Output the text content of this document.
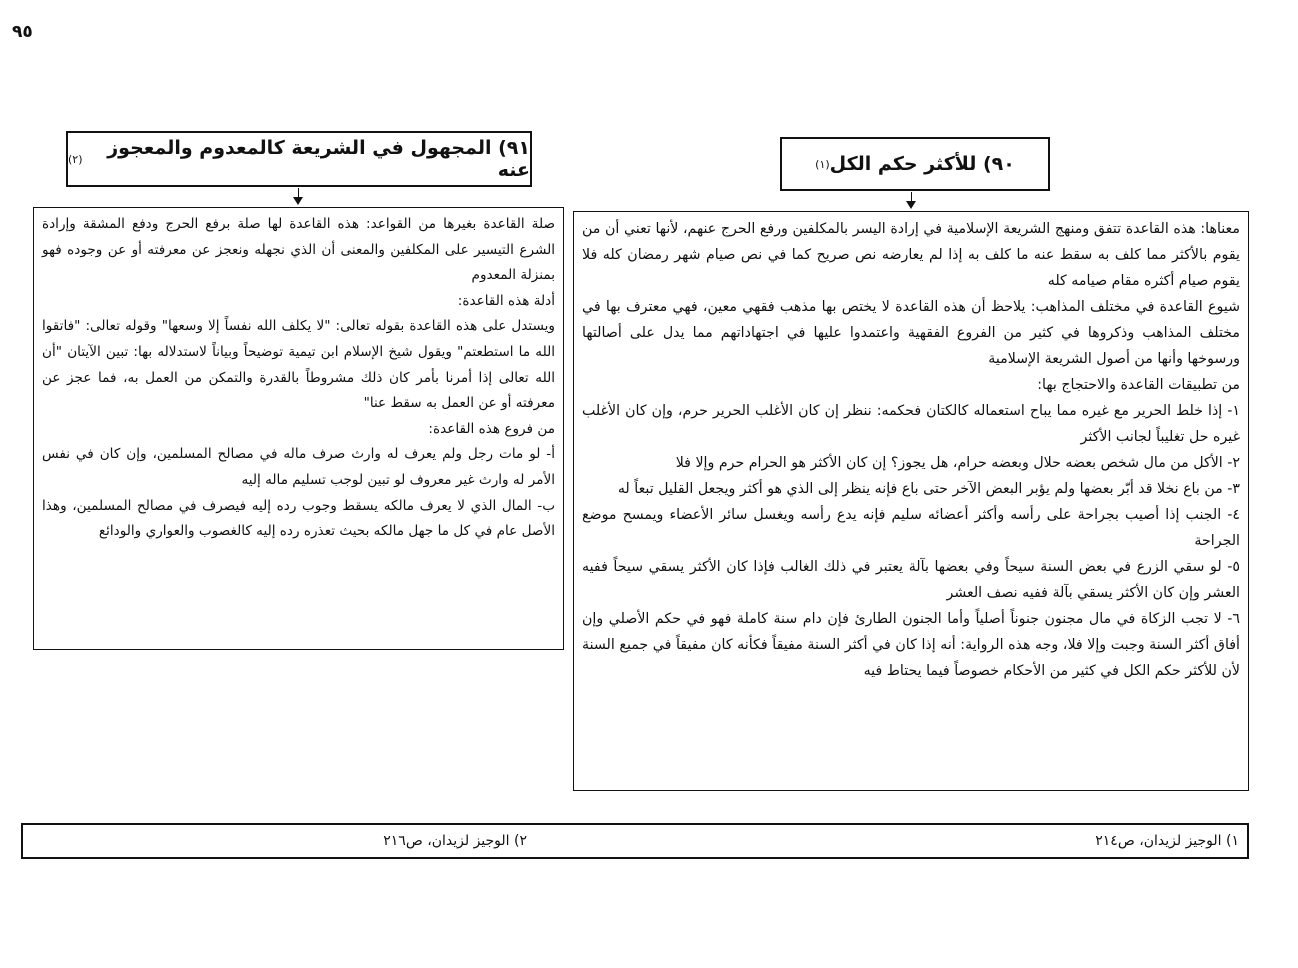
٩٥
٩١) المجهول في الشريعة كالمعدوم والمعجوز عنه
(٢)	٩٠) للأكثر حكم الكل
(١)

صلة القاعدة بغيرها من القواعد: هذه القاعدة لها صلة برفع الحرج ودفع المشقة وإرادة الشرع التيسير على المكلفين والمعنى أن الذي نجهله ونعجز عن معرفته أو عن وجوده فهو بمنزلة المعدوم

أدلة هذه القاعدة:

ويستدل على هذه القاعدة بقوله تعالى: "لا يكلف الله نفساً إلا وسعها" وقوله تعالى: "فاتقوا الله ما استطعتم" ويقول شيخ الإسلام ابن تيمية توضيحاً وبياناً لاستدلاله بها: تبين الآيتان "أن الله تعالى إذا أمرنا بأمر كان ذلك مشروطاً بالقدرة والتمكن من العمل به، فما عجز عن معرفته أو عن العمل به سقط عنا"

من فروع هذه القاعدة:

أ- لو مات رجل ولم يعرف له وارث صرف ماله في مصالح المسلمين، وإن كان في نفس الأمر له وارث غير معروف لو تبين لوجب تسليم ماله إليه

ب- المال الذي لا يعرف مالكه يسقط وجوب رده إليه فيصرف في مصالح المسلمين، وهذا الأصل عام في كل ما جهل مالكه بحيث تعذره رده إليه كالغصوب والعواري والودائع

معناها: هذه القاعدة تتفق ومنهج الشريعة الإسلامية في إرادة اليسر بالمكلفين ورفع الحرج عنهم، لأنها تعني أن من يقوم بالأكثر مما كلف به سقط عنه ما كلف به إذا لم يعارضه نص صريح كما في نص صيام شهر رمضان كله فلا يقوم صيام أكثره مقام صيامه كله

شيوع القاعدة في مختلف المذاهب: يلاحظ أن هذه القاعدة لا يختص بها مذهب فقهي معين، فهي معترف بها في مختلف المذاهب وذكروها في كثير من الفروع الفقهية واعتمدوا عليها في اجتهاداتهم مما يدل على أصالتها ورسوخها وأنها من أصول الشريعة الإسلامية

من تطبيقات القاعدة والاحتجاج بها:

١- إذا خلط الحرير مع غيره مما يباح استعماله كالكتان فحكمه: ننظر إن كان الأغلب الحرير حرم، وإن كان الأغلب غيره حل تغليباً لجانب الأكثر

٢- الأكل من مال شخص بعضه حلال وبعضه حرام، هل يجوز؟ إن كان الأكثر هو الحرام حرم وإلا فلا

٣- من باع نخلا قد أبّر بعضها ولم يؤبر البعض الآخر حتى باع فإنه ينظر إلى الذي هو أكثر ويجعل القليل تبعاً له

٤- الجنب إذا أصيب بجراحة على رأسه وأكثر أعضائه سليم فإنه يدع رأسه ويغسل سائر الأعضاء ويمسح موضع الجراحة

٥- لو سقي الزرع في بعض السنة سيحاً وفي بعضها بآلة يعتبر في ذلك الغالب فإذا كان الأكثر يسقي سيحاً ففيه العشر وإن كان الأكثر يسقي بآلة ففيه نصف العشر

٦- لا تجب الزكاة في مال مجنون جنوناً أصلياً وأما الجنون الطارئ فإن دام سنة كاملة فهو في حكم الأصلي وإن أفاق أكثر السنة وجبت وإلا فلا، وجه هذه الرواية: أنه إذا كان في أكثر السنة مفيقاً فكأنه كان مفيقاً في جميع السنة لأن للأكثر حكم الكل في كثير من الأحكام خصوصاً فيما يحتاط فيه

١) الوجيز لزيدان، ص٢١٤
٢) الوجيز لزيدان، ص٢١٦
